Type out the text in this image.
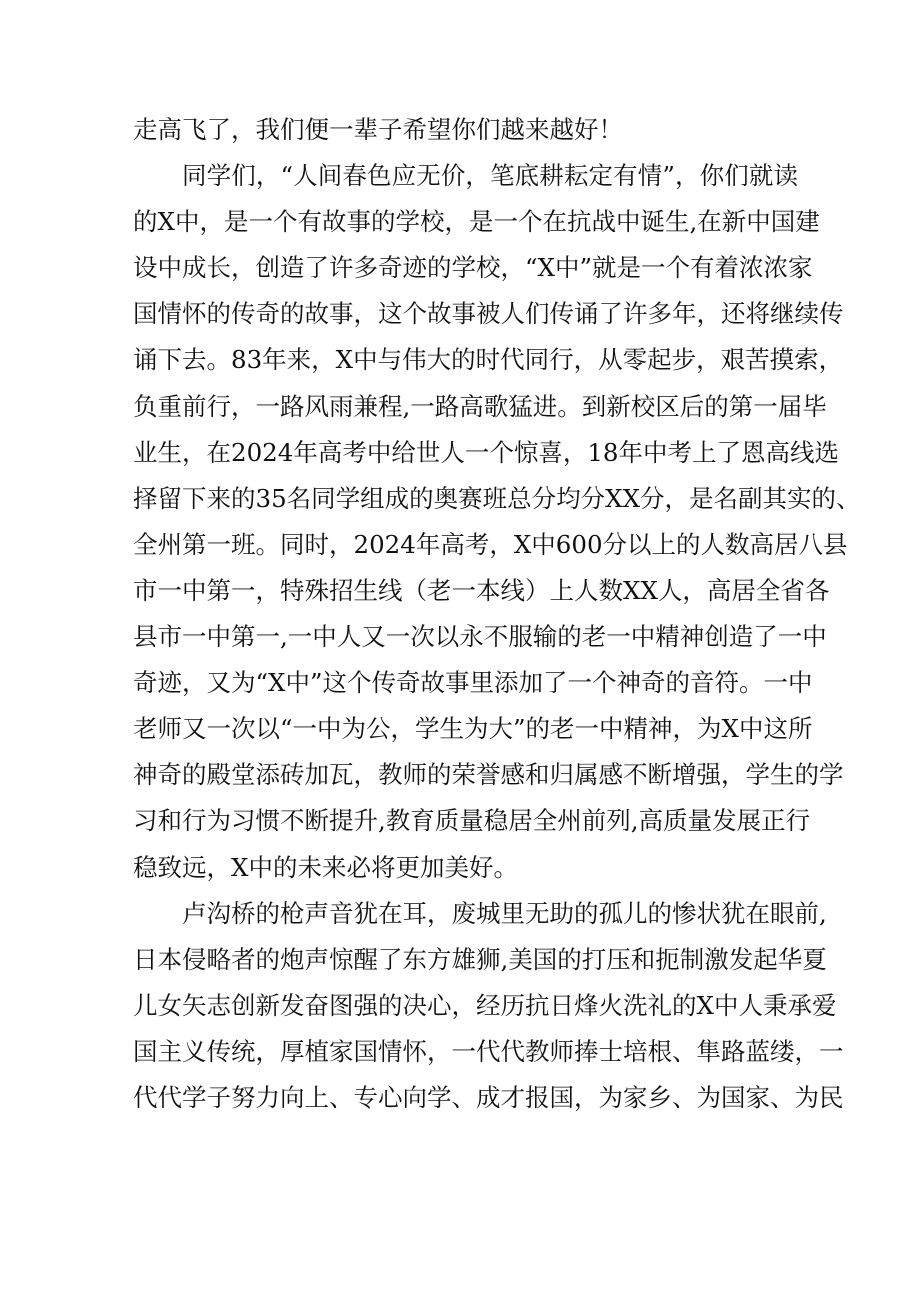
走高飞了，我们便一辈子希望你们越来越好！

同学们，“人间春色应无价，笔底耕耘定有情”，你们就读
的X中，是一个有故事的学校，是一个在抗战中诞生,在新中国建
设中成长，创造了许多奇迹的学校，“X中”就是一个有着浓浓家
国情怀的传奇的故事，这个故事被人们传诵了许多年，还将继续传
诵下去。83年来，X中与伟大的时代同行，从零起步，艰苦摸索，
负重前行，一路风雨兼程,一路高歌猛进。到新校区后的第一届毕
业生，在2024年高考中给世人一个惊喜，18年中考上了恩高线选
择留下来的35名同学组成的奥赛班总分均分XX分，是名副其实的、
全州第一班。同时，2024年高考，X中600分以上的人数高居八县
市一中第一，特殊招生线（老一本线）上人数XX人，高居全省各
县市一中第一,一中人又一次以永不服输的老一中精神创造了一中
奇迹，又为“X中”这个传奇故事里添加了一个神奇的音符。一中
老师又一次以“一中为公，学生为大”的老一中精神，为X中这所
神奇的殿堂添砖加瓦，教师的荣誉感和归属感不断增强，学生的学
习和行为习惯不断提升,教育质量稳居全州前列,高质量发展正行
稳致远，X中的未来必将更加美好。

卢沟桥的枪声音犹在耳，废城里无助的孤儿的惨状犹在眼前,
日本侵略者的炮声惊醒了东方雄狮,美国的打压和扼制激发起华夏
儿女矢志创新发奋图强的决心，经历抗日烽火洗礼的X中人秉承爱
国主义传统，厚植家国情怀，一代代教师捧士培根、隼路蓝缕，一
代代学子努力向上、专心向学、成才报国，为家乡、为国家、为民
